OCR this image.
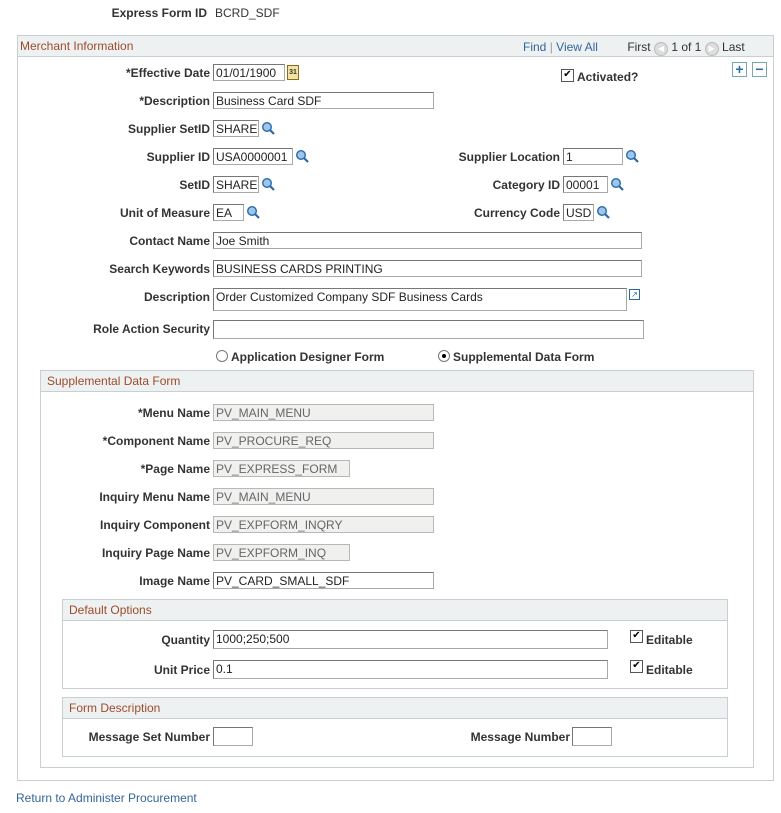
Express Form ID BCRD_SDF
Merchant Information	Find | View All First ◀ 1 of 1 ▶ Last
*Effective Date 01/01/1900	31	✔ Activated?	+ −
*Description Business Card SDF
Supplier SetID SHARE
Supplier ID USA0000001	Supplier Location 1
SetID SHARE	Category ID 00001
Unit of Measure EA	Currency Code USD
Contact Name Joe Smith
Search Keywords BUSINESS CARDS PRINTING
Description Order Customized Company SDF Business Cards	↗
Role Action Security
Application Designer Form	Supplemental Data Form
Supplemental Data Form
*Menu Name PV_MAIN_MENU
*Component Name PV_PROCURE_REQ
*Page Name PV_EXPRESS_FORM
Inquiry Menu Name PV_MAIN_MENU
Inquiry Component PV_EXPFORM_INQRY
Inquiry Page Name PV_EXPFORM_INQ
Image Name PV_CARD_SMALL_SDF
Default Options
Quantity 1000;250;500	✔ Editable
Unit Price 0.1	✔ Editable
Form Description
Message Set Number	Message Number
Return to Administer Procurement
